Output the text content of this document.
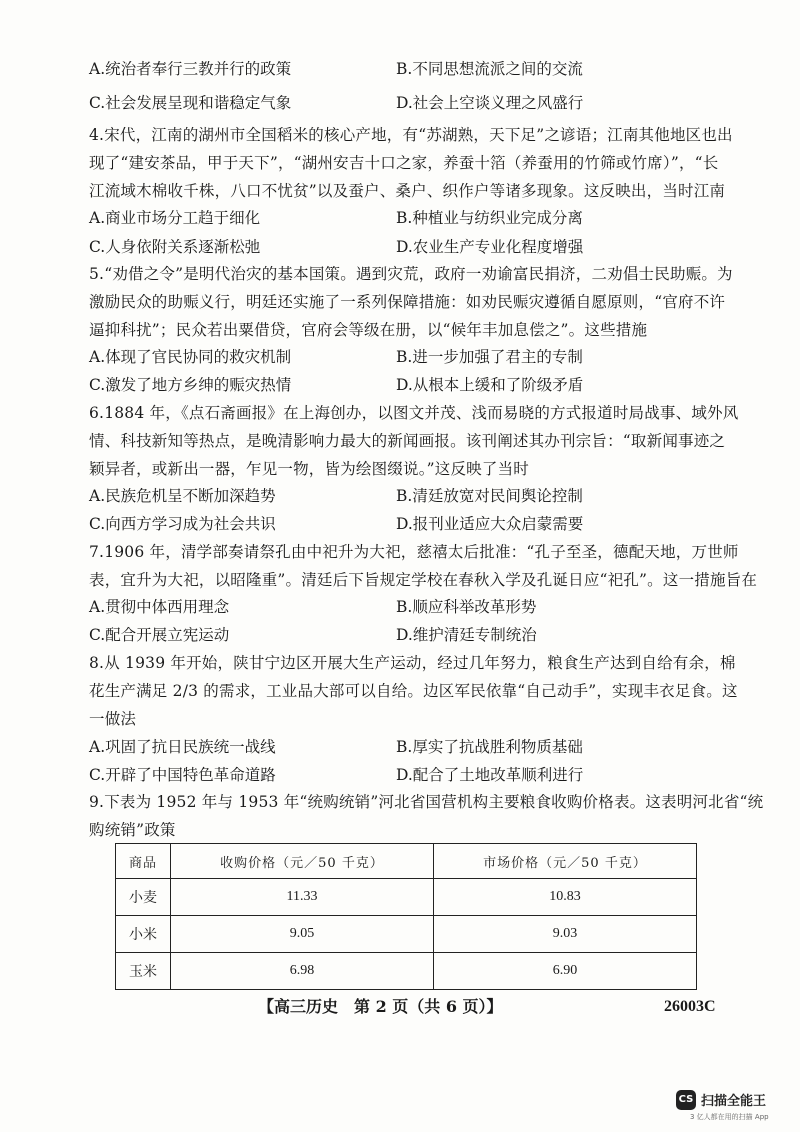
A.统治者奉行三教并行的政策	B.不同思想流派之间的交流
C.社会发展呈现和谐稳定气象	D.社会上空谈义理之风盛行
4.宋代，江南的湖州市全国稻米的核心产地，有“苏湖熟，天下足”之谚语；江南其他地区也出
现了“建安茶品，甲于天下”，“湖州安吉十口之家，养蚕十箔（养蚕用的竹筛或竹席）”，“长
江流域木棉收千株，八口不忧贫”以及蚕户、桑户、织作户等诸多现象。这反映出，当时江南
A.商业市场分工趋于细化	B.种植业与纺织业完成分离
C.人身依附关系逐渐松弛	D.农业生产专业化程度增强
5.“劝借之令”是明代治灾的基本国策。遇到灾荒，政府一劝谕富民捐济，二劝倡士民助赈。为
激励民众的助赈义行，明廷还实施了一系列保障措施：如劝民赈灾遵循自愿原则，“官府不许
逼抑科扰”；民众若出粟借贷，官府会等级在册，以“候年丰加息偿之”。这些措施
A.体现了官民协同的救灾机制	B.进一步加强了君主的专制
C.激发了地方乡绅的赈灾热情	D.从根本上缓和了阶级矛盾
6.1884 年，《点石斋画报》在上海创办，以图文并茂、浅而易晓的方式报道时局战事、域外风
情、科技新知等热点，是晚清影响力最大的新闻画报。该刊阐述其办刊宗旨：“取新闻事迹之
颖异者，或新出一器，乍见一物，皆为绘图缀说。”这反映了当时
A.民族危机呈不断加深趋势	B.清廷放宽对民间舆论控制
C.向西方学习成为社会共识	D.报刊业适应大众启蒙需要
7.1906 年，清学部奏请祭孔由中祀升为大祀，慈禧太后批准：“孔子至圣，德配天地，万世师
表，宜升为大祀，以昭隆重”。清廷后下旨规定学校在春秋入学及孔诞日应“祀孔”。这一措施旨在
A.贯彻中体西用理念	B.顺应科举改革形势
C.配合开展立宪运动	D.维护清廷专制统治
8.从 1939 年开始，陕甘宁边区开展大生产运动，经过几年努力，粮食生产达到自给有余，棉
花生产满足 2/3 的需求，工业品大部可以自给。边区军民依靠“自己动手”，实现丰衣足食。这
一做法
A.巩固了抗日民族统一战线	B.厚实了抗战胜利物质基础
C.开辟了中国特色革命道路	D.配合了土地改革顺利进行
9.下表为 1952 年与 1953 年“统购统销”河北省国营机构主要粮食收购价格表。这表明河北省“统
购统销”政策
商品	收购价格（元／50 千克）	市场价格（元／50 千克）
小麦	11.33	10.83
小米	9.05	9.03
玉米	6.98	6.90
【高三历史　第 2 页（共 6 页）】	26003C
CS 扫描全能王
3 亿人都在用的扫描 App
